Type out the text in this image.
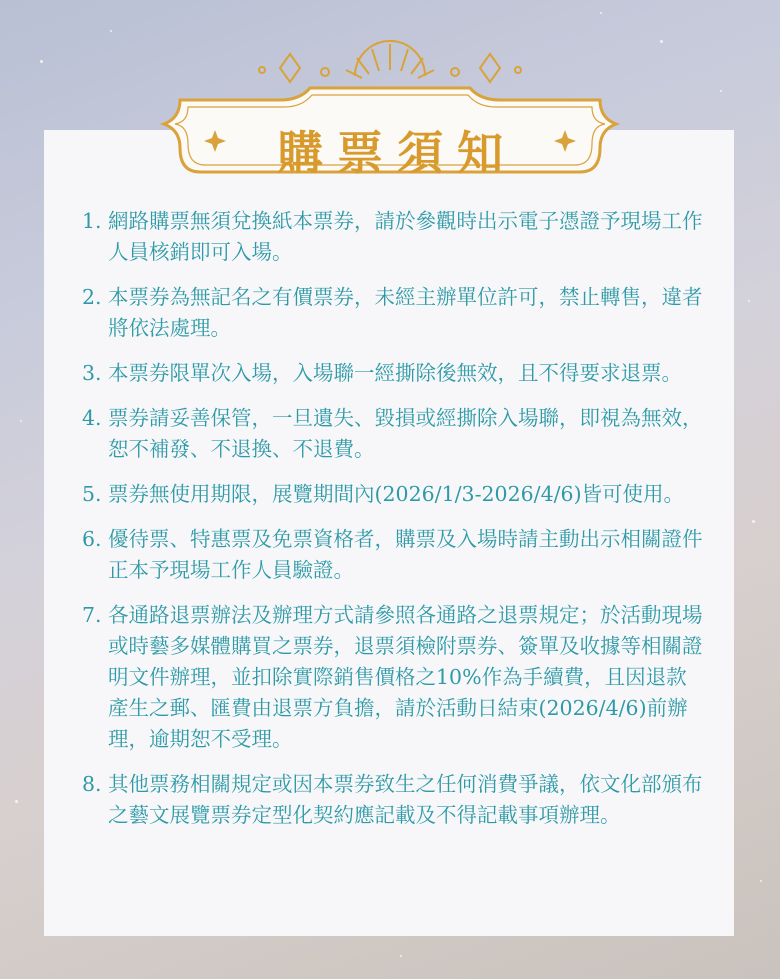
購票須知
1. 網路購票無須兌換紙本票券，請於參觀時出示電子憑證予現場工作人員核銷即可入場。
2. 本票券為無記名之有價票券，未經主辦單位許可，禁止轉售，違者將依法處理。
3. 本票券限單次入場，入場聯一經撕除後無效，且不得要求退票。
4. 票券請妥善保管，一旦遺失、毀損或經撕除入場聯，即視為無效，恕不補發、不退換、不退費。
5. 票券無使用期限，展覽期間內(2026/1/3-2026/4/6)皆可使用。
6. 優待票、特惠票及免票資格者，購票及入場時請主動出示相關證件正本予現場工作人員驗證。
7. 各通路退票辦法及辦理方式請參照各通路之退票規定；於活動現場或時藝多媒體購買之票券，退票須檢附票券、簽單及收據等相關證明文件辦理，並扣除實際銷售價格之10%作為手續費，且因退款產生之郵、匯費由退票方負擔，請於活動日結束(2026/4/6)前辦理，逾期恕不受理。
8. 其他票務相關規定或因本票券致生之任何消費爭議，依文化部頒布之藝文展覽票券定型化契約應記載及不得記載事項辦理。
